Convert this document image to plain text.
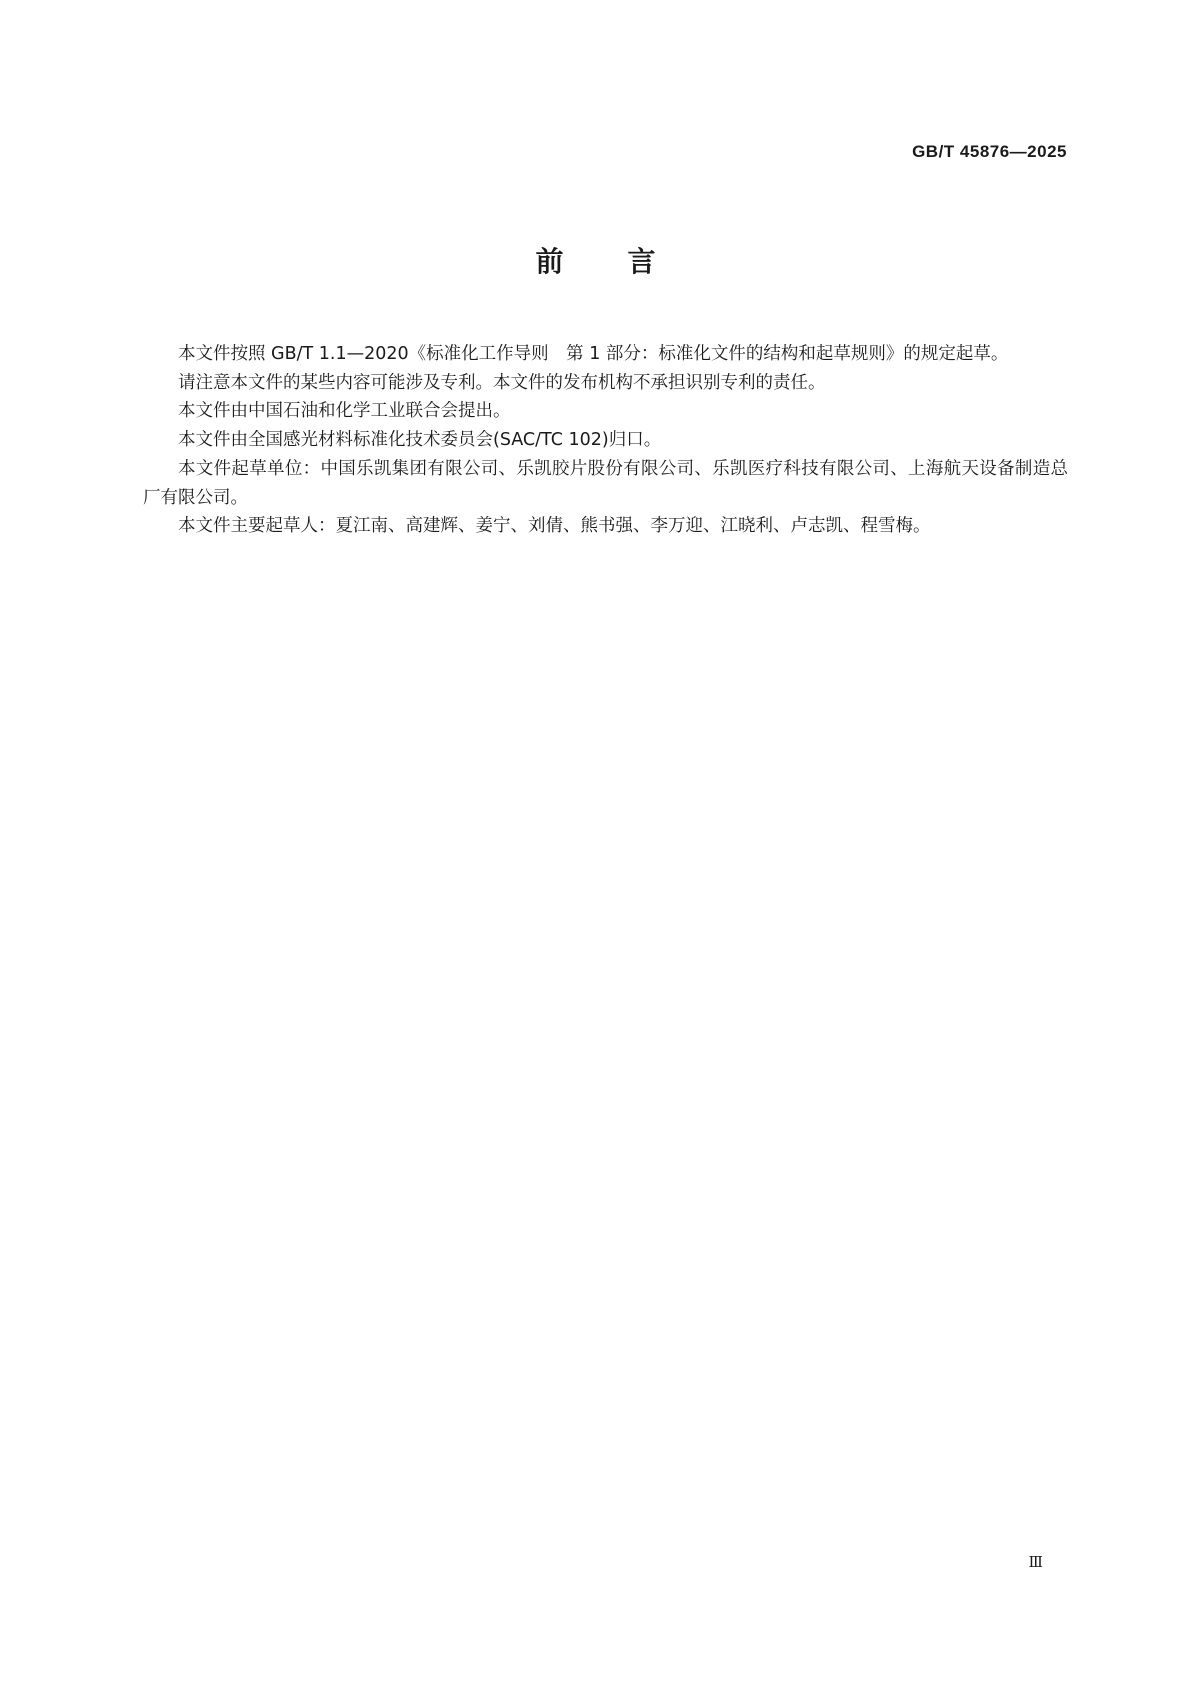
GB/T 45876—2025
前 言

本文件按照 GB/T 1.1—2020《标准化工作导则　第 1 部分：标准化文件的结构和起草规则》的规定起草。

请注意本文件的某些内容可能涉及专利。本文件的发布机构不承担识别专利的责任。

本文件由中国石油和化学工业联合会提出。

本文件由全国感光材料标准化技术委员会(SAC/TC 102)归口。

本文件起草单位：中国乐凯集团有限公司、乐凯胶片股份有限公司、乐凯医疗科技有限公司、上海航天设备制造总厂有限公司。

本文件主要起草人：夏江南、高建辉、姜宁、刘倩、熊书强、李万迎、江晓利、卢志凯、程雪梅。

Ⅲ
